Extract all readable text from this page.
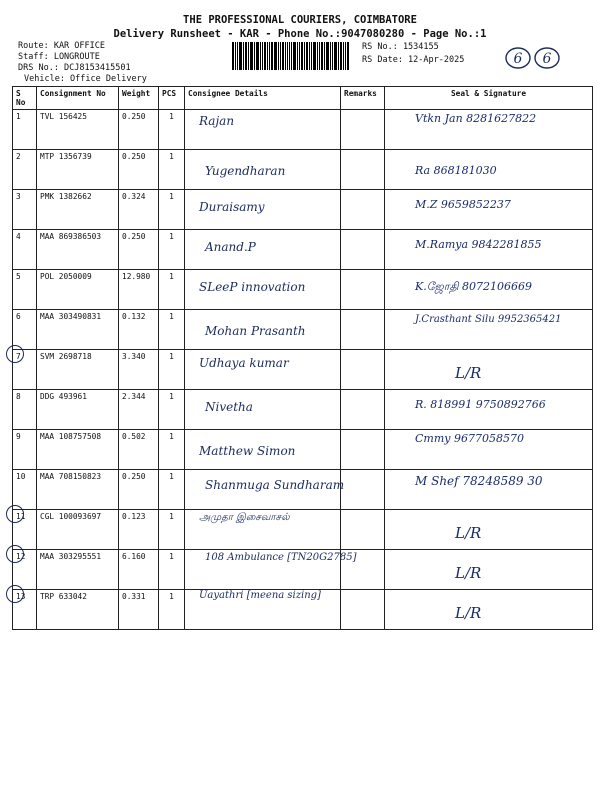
THE PROFESSIONAL COURIERS, COIMBATORE
Delivery Runsheet - KAR - Phone No.:9047080280 - Page No.:1
Route: KAR OFFICE
Staff: LONGROUTE
DRS No.: DCJ8153415501
Vehicle: Office Delivery
RS No.: 1534155
RS Date: 12-Apr-2025	6 6
S No	Consignment No	Weight	PCS	Consignee Details	Remarks	Seal & Signature
1	TVL 156425	0.250	1	Rajan		Vtkn Jan 8281627822

2	MTP 1356739	0.250	1	Yugendharan		Ra 868181030

3	PMK 1382662	0.324	1	Duraisamy		M.Z 9659852237

4	MAA 869386503	0.250	1	Anand.P		M.Ramya 9842281855

5	POL 2050009	12.980	1	SLeeP innovation		K.ஜோதி 8072106669

6	MAA 303490831	0.132	1	Mohan Prasanth		J.Crasthant Silu 9952365421

7	SVM 2698718	3.340	1	Udhaya kumar		L/R

8	DDG 493961	2.344	1	Nivetha		R. 818991 9750892766

9	MAA 108757508	0.502	1	Matthew Simon		Cmmy 9677058570

10	MAA 708150823	0.250	1	Shanmuga Sundharam		M Shef 78248589 30

11	CGL 100093697	0.123	1	அமுதா இசைவாசல்		L/R

12	MAA 303295551	6.160	1	108 Ambulance [TN20G2785]		L/R

13	TRP 633042	0.331	1	Uayathri [meena sizing]		L/R
